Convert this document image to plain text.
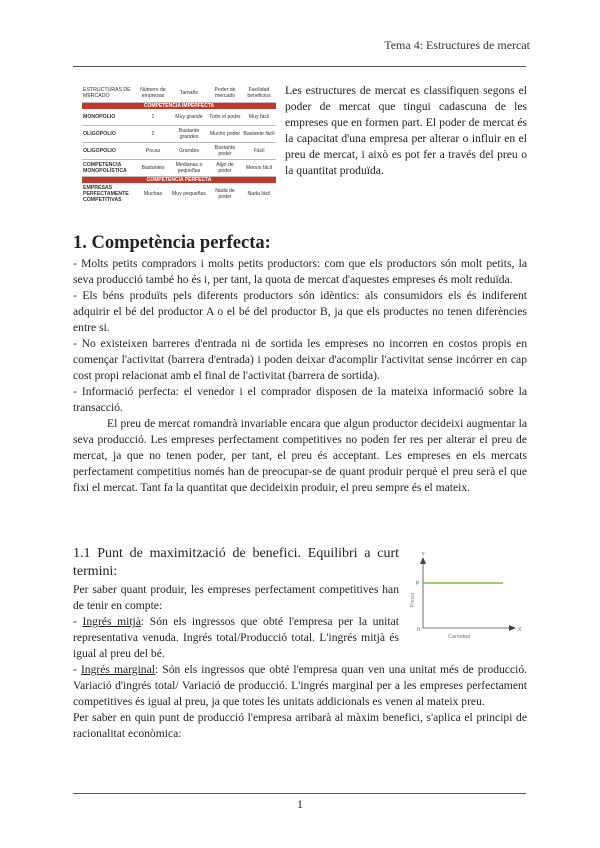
Tema 4: Estructures de mercat
ESTRUCTURAS DE MERCADO	Número de empresas	Tamaño	Poder de mercado	Facilidad beneficios
COMPETENCIA IMPERFECTA				
MONOPOLIO	1	Muy grande	Todo el poder	Muy fácil
OLIGOPOLIO	2	Bastante grandes	Mucho poder	Bastante fácil
OLIGOPOLIO	Pocas	Grandes	Bastante poder	Fácil
COMPETENCIA MONOPOLÍSTICA	Bastantes	Medianas o pequeñas	Algo de poder	Menos fácil
COMPETENCIA PERFECTA				
EMPRESAS PERFECTAMENTE COMPETITIVAS	Muchas	Muy pequeñas	Nada de poder	Nada fácil

Les estructures de mercat es classifiquen segons el poder de mercat que tingui cadascuna de les empreses que en formen part. El poder de mercat és la capacitat d'una empresa per alterar o influir en el preu de mercat, i això es pot fer a través del preu o la quantitat produïda.

1. Competència perfecta:

- Molts petits compradors i molts petits productors: com que els productors són molt petits, la seva producció també ho és i, per tant, la quota de mercat d'aquestes empreses és molt reduïda.

- Els béns produïts pels diferents productors són idèntics: als consumidors els és indiferent adquirir el bé del productor A o el bé del productor B, ja que els productes no tenen diferències entre si.

- No existeixen barreres d'entrada ni de sortida les empreses no incorren en costos propis en començar l'activitat (barrera d'entrada) i poden deixar d'acomplir l'activitat sense incórrer en cap cost propi relacionat amb el final de l'activitat (barrera de sortida).

- Informació perfecta: el venedor i el comprador disposen de la mateixa informació sobre la transacció.

El preu de mercat romandrà invariable encara que algun productor decideixi augmentar la seva producció. Les empreses perfectament competitives no poden fer res per alterar el preu de mercat, ja que no tenen poder, per tant, el preu és acceptant. Les empreses en els mercats perfectament competitius només han de preocupar-se de quant produir perquè el preu serà el que fixi el mercat. Tant fa la quantitat que decideixin produir, el preu sempre és el mateix.

1.1 Punt de maximització de benefici. Equilibri a curt termini:

Per saber quant produir, les empreses perfectament competitives han de tenir en compte:

- Ingrés mitjà: Són els ingressos que obté l'empresa per la unitat representativa venuda. Ingrés total/Producció total. L'ingrés mitjà és igual al preu del bé.

- Ingrés marginal: Són els ingressos que obté l'empresa quan ven una unitat més de producció. Variació d'ingrés total/ Variació de producció. L'ingrés marginal per a les empreses perfectament competitives és igual al preu, ja que totes les unitats addicionals es venen al mateix preu.

Per saber en quin punt de producció l'empresa arribarà al màxim benefici, s'aplica el principi de racionalitat econòmica:

Y
X
0
P
Precio
Cantidad
1
